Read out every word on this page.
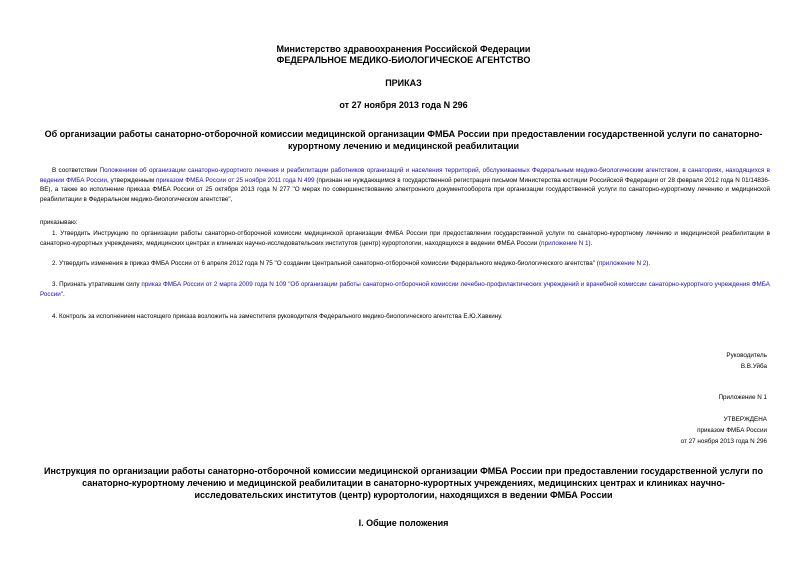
Министерство здравоохранения Российской Федерации
ФЕДЕРАЛЬНОЕ МЕДИКО-БИОЛОГИЧЕСКОЕ АГЕНТСТВО
ПРИКАЗ
от 27 ноября 2013 года N 296
Об организации работы санаторно-отборочной комиссии медицинской организации ФМБА России при предоставлении государственной услуги по санаторно-курортному лечению и медицинской реабилитации
В соответствии Положением об организации санаторно-курортного лечения и реабилитации работников организаций и населения территорий, обслуживаемых Федеральным медико-биологическим агентством, в санаториях, находящихся в ведении ФМБА России, утвержденным приказом ФМБА России от 25 ноября 2011 года N 499 (признан не нуждающимся в государственной регистрации письмом Министерства юстиции Российской Федерации от 28 февраля 2012 года N 01/14836-ВЕ), а также во исполнение приказа ФМБА России от 25 октября 2013 года N 277 "О мерах по совершенствованию электронного документооборота при организации государственной услуги по санаторно-курортному лечению и медицинской реабилитации в Федеральном медико-биологическом агентстве",
приказываю:
1. Утвердить Инструкцию по организации работы санаторно-отборочной комиссии медицинской организации ФМБА России при предоставлении государственной услуги по санаторно-курортному лечению и медицинской реабилитации в санаторно-курортных учреждениях, медицинских центрах и клиниках научно-исследовательских институтов (центр) курортологии, находящихся в ведении ФМБА России (приложение N 1).
2. Утвердить изменения в приказ ФМБА России от 6 апреля 2012 года N 75 "О создании Центральной санаторно-отборочной комиссии Федерального медико-биологического агентства" (приложение N 2).
3. Признать утратившим силу приказ ФМБА России от 2 марта 2009 года N 109 "Об организации работы санаторно-отборочной комиссии лечебно-профилактических учреждений и врачебной комиссии санаторно-курортного учреждения ФМБА России".
4. Контроль за исполнением настоящего приказа возложить на заместителя руководителя Федерального медико-биологического агентства Е.Ю.Хавкину.
Руководитель
В.В.Уйба
Приложение N 1
УТВЕРЖДЕНА
приказом ФМБА России
от 27 ноября 2013 года N 296
Инструкция по организации работы санаторно-отборочной комиссии медицинской организации ФМБА России при предоставлении государственной услуги по санаторно-курортному лечению и медицинской реабилитации в санаторно-курортных учреждениях, медицинских центрах и клиниках научно-исследовательских институтов (центр) курортологии, находящихся в ведении ФМБА России
I. Общие положения
